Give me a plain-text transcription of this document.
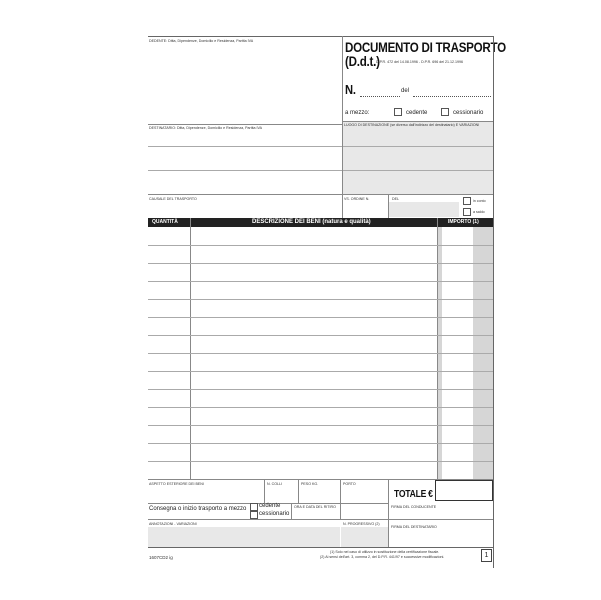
DEDENTE: Ditta, Dipendenze, Domicilio e Residenza, Partita IVA	DOCUMENTO DI TRASPORTO
(D.d.t.)
D.P.R. 472 del 14.08.1996 - D.P.R. 696 del 21.12.1996
N.	del
a mezzo:	cedente	cessionario
LUOGO DI DESTINAZIONE (se diverso dall'indirizzo del destinatario) E VARIAZIONI
DESTINATARIO: Ditta, Dipendenze, Domicilio e Residenza, Partita IVA
CAUSALE DEL TRASPORTO	VS. ORDINE N.	DEL	in conto
a saldo
QUANTITÀ	DESCRIZIONE DEI BENI (natura e qualità)	IMPORTO (1)
ASPETTO ESTERIORE DEI BENI	N. COLLI	PESO KG.	PORTO
TOTALE €
Consegna o inizio trasporto a mezzo cedente
cessionario
ORA E DATA DEL RITIRO	FIRMA DEL CONDUCENTE
ANNOTAZIONI - VARIAZIONI	N. PROGRESSIVO (2)
FIRMA DEL DESTINATARIO
1607CD2 ig
(1) Solo nel caso di utilizzo in sostituzione della certificazione fiscale.
(2) Ai sensi dell'art. 3, comma 2, del D.P.R. 441/97 e successive modificazioni.	1
